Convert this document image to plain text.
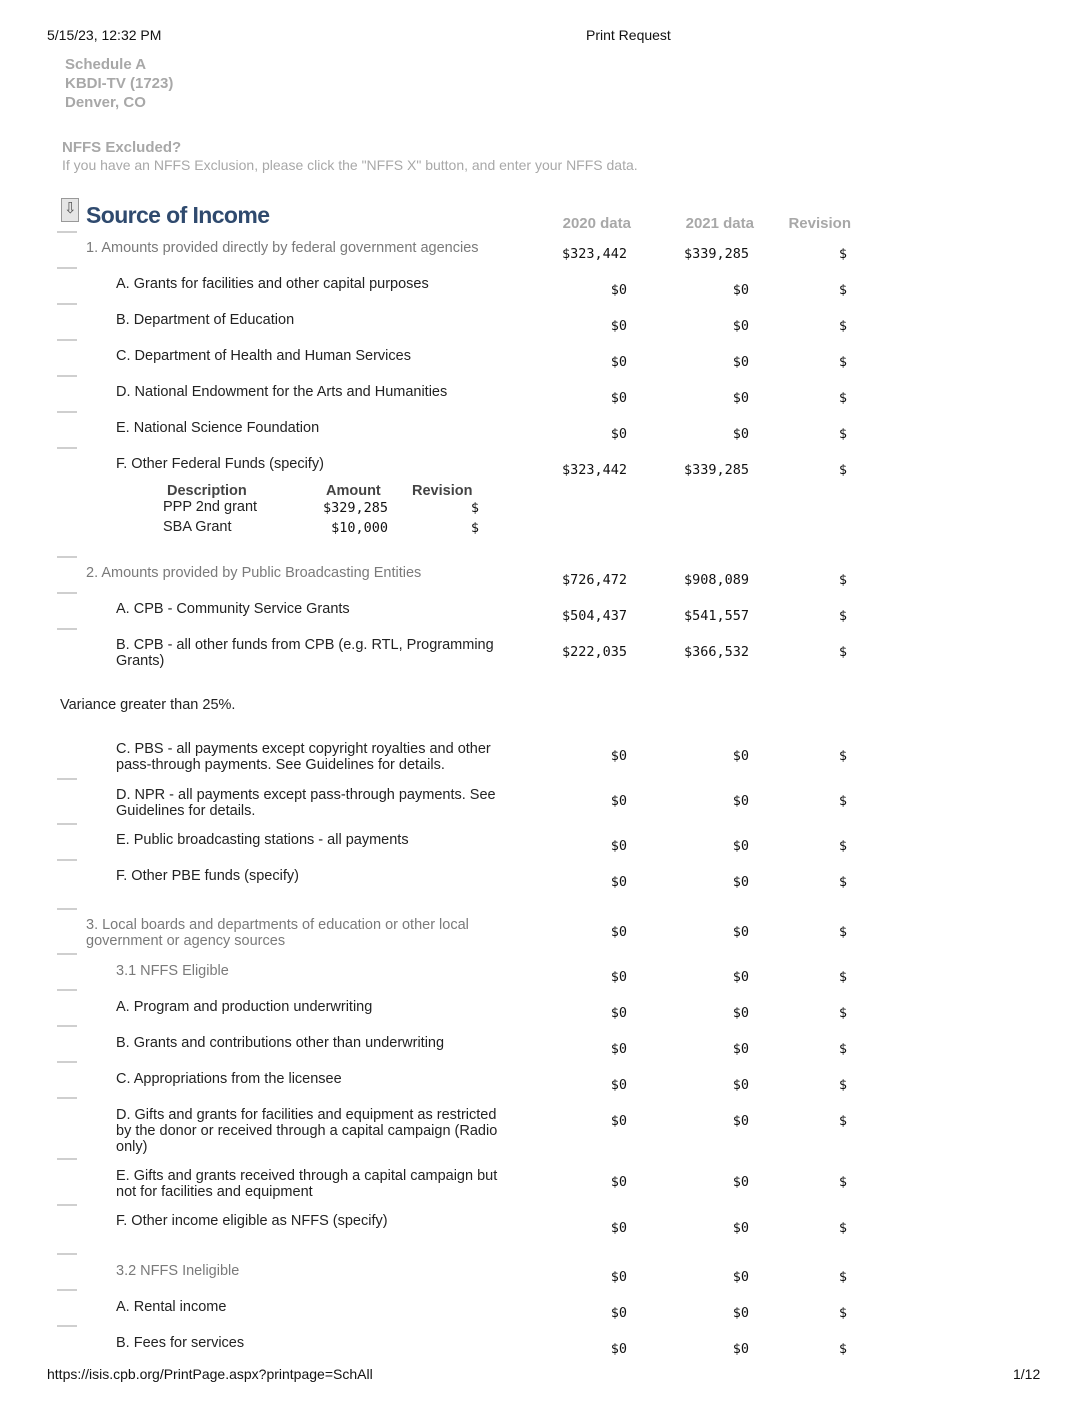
5/15/23, 12:32 PM	Print Request
Schedule A
KBDI-TV (1723)
Denver, CO
NFFS Excluded?
If you have an NFFS Exclusion, please click the "NFFS X" button, and enter your NFFS data.
⇩
Source of Income	2020 data	2021 data	Revision
1. Amounts provided directly by federal government agencies	$323,442	$339,285	$
A. Grants for facilities and other capital purposes	$0	$0	$
B. Department of Education	$0	$0	$
C. Department of Health and Human Services	$0	$0	$
D. National Endowment for the Arts and Humanities	$0	$0	$
E. National Science Foundation	$0	$0	$
F. Other Federal Funds (specify)	$323,442	$339,285	$
2. Amounts provided by Public Broadcasting Entities	$726,472	$908,089	$
A. CPB - Community Service Grants	$504,437	$541,557	$
B. CPB - all other funds from CPB (e.g. RTL, Programming Grants)
$222,035	$366,532	$
C. PBS - all payments except copyright royalties and other pass-through payments. See Guidelines for details.
$0	$0	$
D. NPR - all payments except pass-through payments. See Guidelines for details.
$0	$0	$
E. Public broadcasting stations - all payments	$0	$0	$
F. Other PBE funds (specify)	$0	$0	$
3. Local boards and departments of education or other local government or agency sources
$0	$0	$
3.1 NFFS Eligible	$0	$0	$
A. Program and production underwriting	$0	$0	$
B. Grants and contributions other than underwriting	$0	$0	$
C. Appropriations from the licensee	$0	$0	$
D. Gifts and grants for facilities and equipment as restricted by the donor or received through a capital campaign (Radio only)
$0	$0	$
E. Gifts and grants received through a capital campaign but not for facilities and equipment
$0	$0	$
F. Other income eligible as NFFS (specify)	$0	$0	$
3.2 NFFS Ineligible	$0	$0	$
A. Rental income	$0	$0	$
B. Fees for services	$0	$0	$
Description	Amount Revision
PPP 2nd grant	$329,285	$
SBA Grant	$10,000	$
Variance greater than 25%.
https://isis.cpb.org/PrintPage.aspx?printpage=SchAll	1/12
